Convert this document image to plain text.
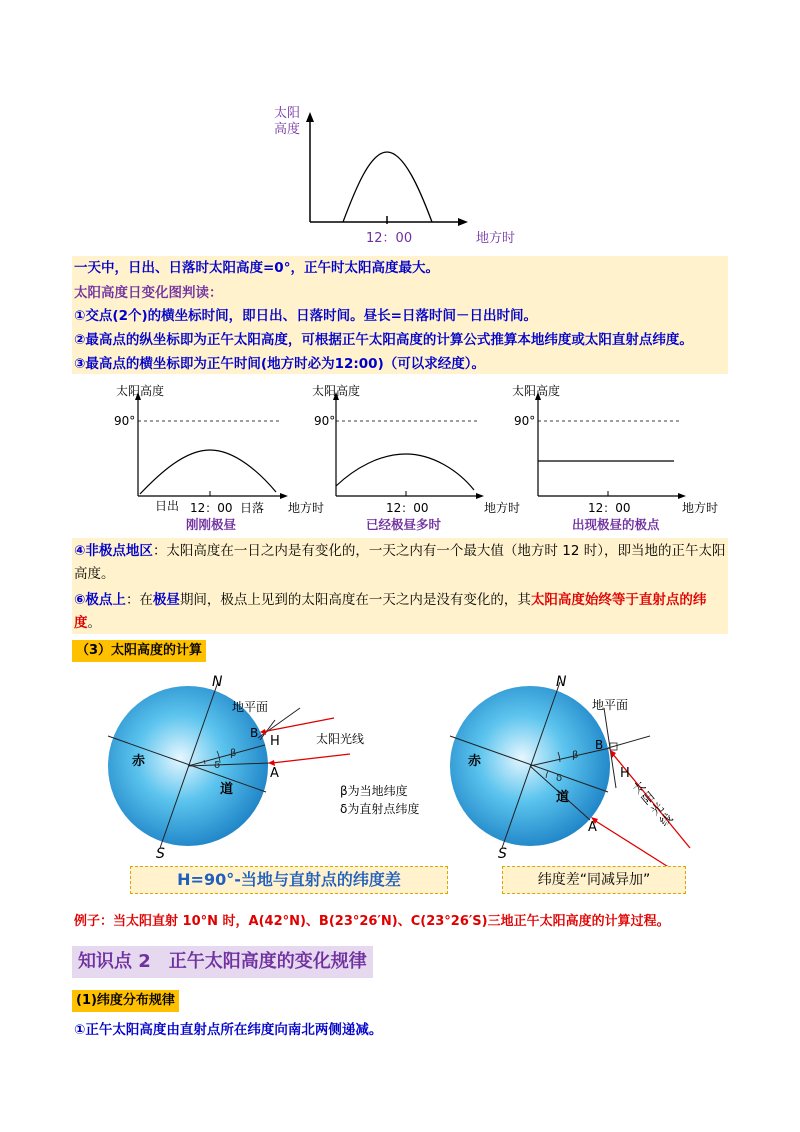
太阳
高度
12：00	地方时
一天中，日出、日落时太阳高度=0°，正午时太阳高度最大。
太阳高度日变化图判读：
①交点(2个)的横坐标时间，即日出、日落时间。昼长=日落时间－日出时间。
②最高点的纵坐标即为正午太阳高度，可根据正午太阳高度的计算公式推算本地纬度或太阳直射点纬度。
③最高点的横坐标即为正午时间(地方时必为12:00)（可以求经度）。
太阳高度
90°
日出 12：00 日落 地方时
刚刚极昼
太阳高度
90°
12：00	地方时
已经极昼多时
太阳高度
90°
12：00	地方时
出现极昼的极点
④非极点地区：太阳高度在一日之内是有变化的，一天之内有一个最大值（地方时 12 时），即当地的正午太阳高度。
⑥极点上：在极昼期间，极点上见到的太阳高度在一天之内是没有变化的，其太阳高度始终等于直射点的纬度。
（3）太阳高度的计算
N
S
地平面
H
B
A
β
δ
赤
道
太阳光线
β为当地纬度
δ为直射点纬度
N
S
地平面
H
B
A
β
δ
赤
道
太阳光线
H=90°-当地与直射点的纬度差	纬度差“同减异加”
例子：当太阳直射 10°N 时，A(42°N)、B(23°26′N)、C(23°26′S)三地正午太阳高度的计算过程。
知识点 2　正午太阳高度的变化规律
(1)纬度分布规律
①正午太阳高度由直射点所在纬度向南北两侧递减。
